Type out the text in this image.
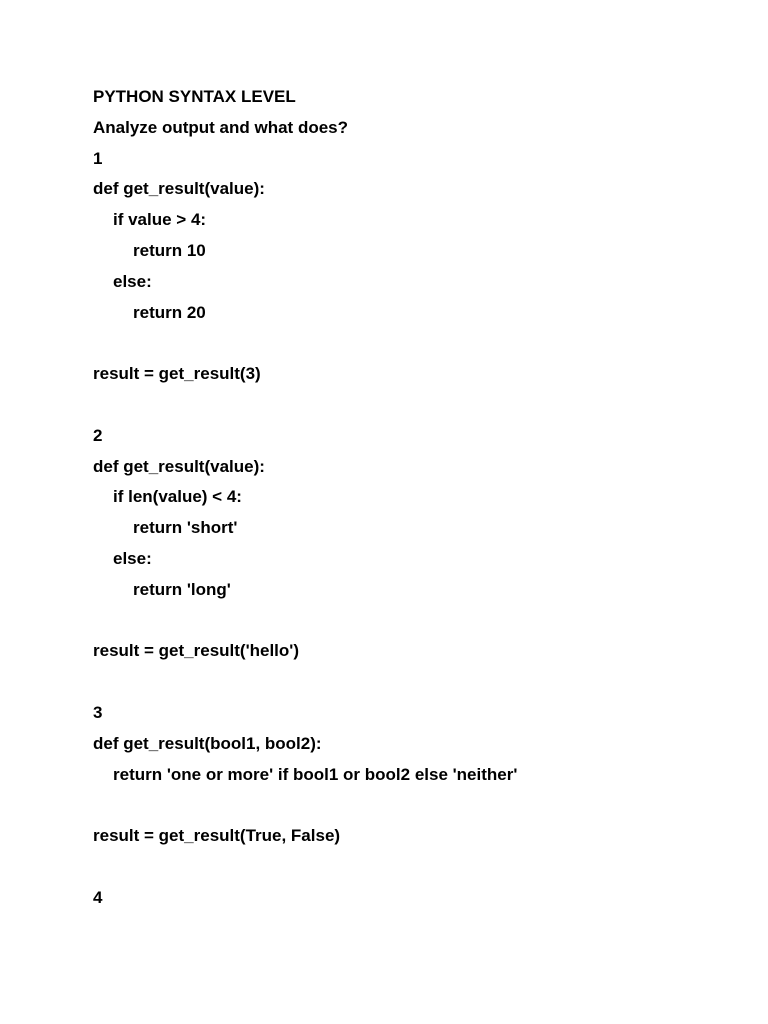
PYTHON SYNTAX LEVEL
Analyze output and what does?
1
def get_result(value):
if value > 4:
return 10
else:
return 20
result = get_result(3)
2
def get_result(value):
if len(value) < 4:
return 'short'
else:
return 'long'
result = get_result('hello')
3
def get_result(bool1, bool2):
return 'one or more' if bool1 or bool2 else 'neither'
result = get_result(True, False)
4
